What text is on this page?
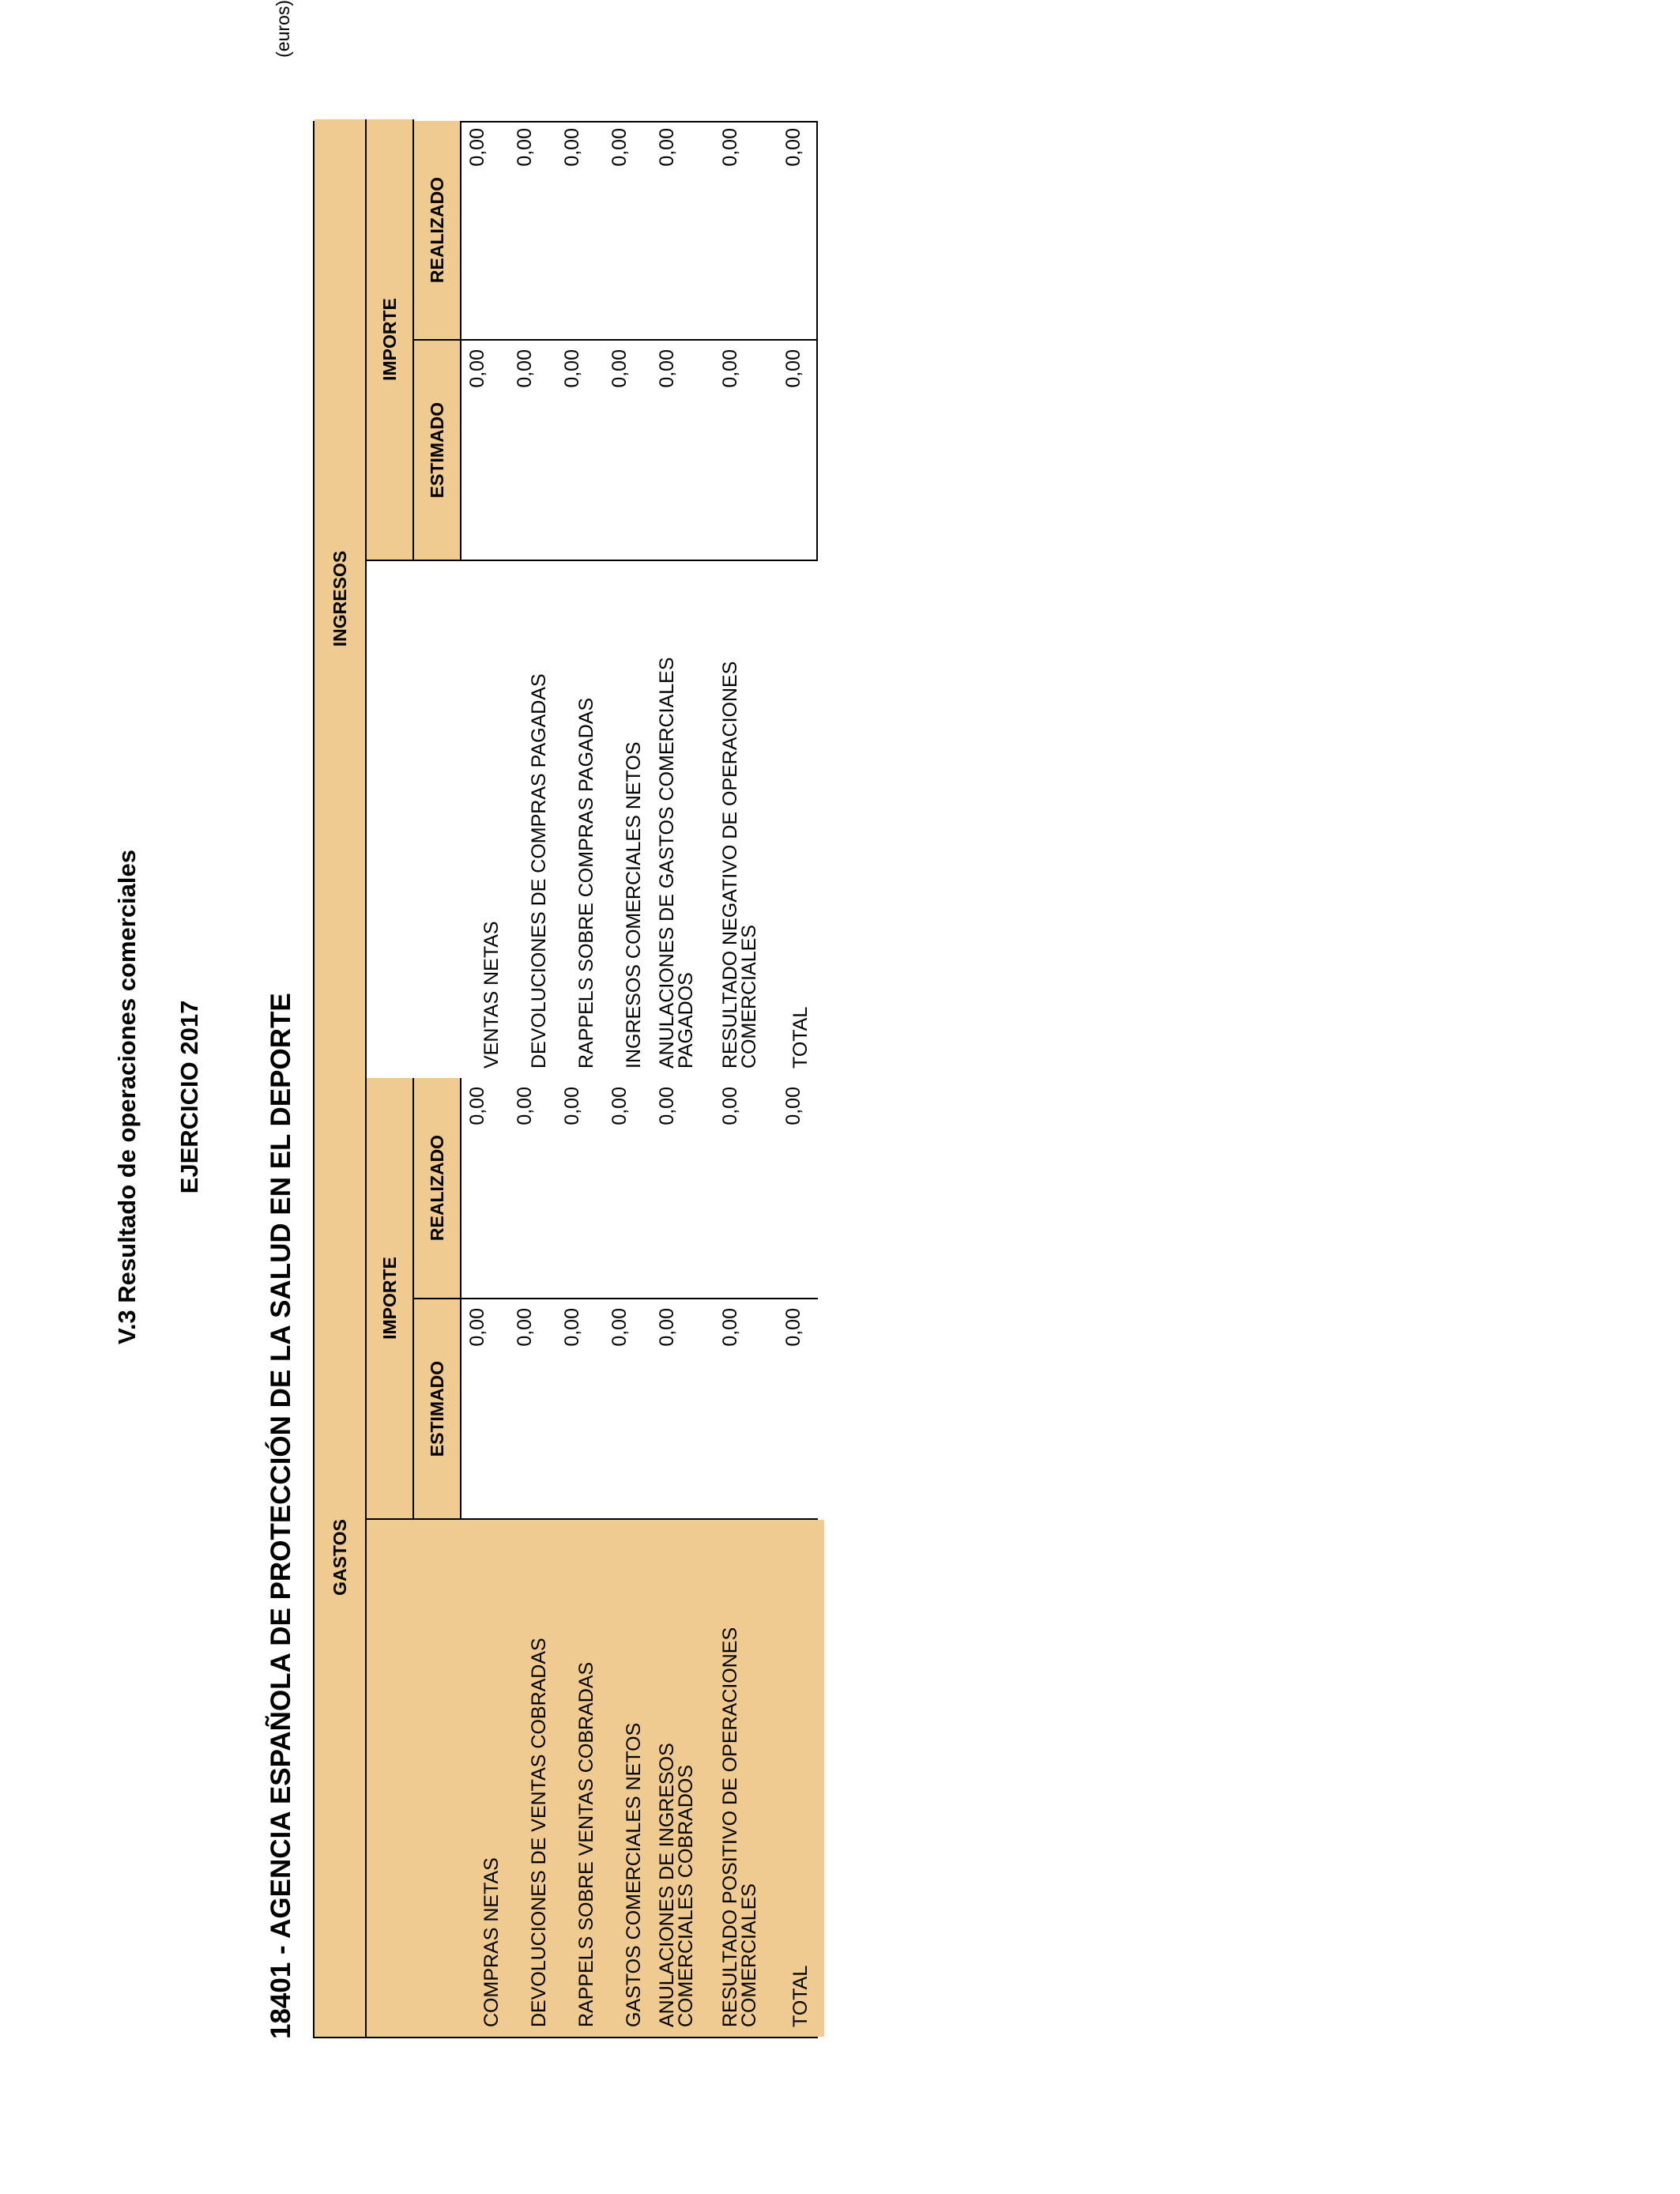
V.3 Resultado de operaciones comerciales EJERCICIO 2017 18401 - AGENCIA ESPAÑOLA DE PROTECCIÓN DE LA SALUD EN EL DEPORTE
(euros)
GASTOS
IMPORTE
ESTIMADO
REALIZADO
INGRESOS
IMPORTE
ESTIMADO
REALIZADO
COMPRAS NETAS
0,00
0,00
DEVOLUCIONES DE VENTAS COBRADAS
0,00
0,00
RAPPELS SOBRE VENTAS COBRADAS
0,00
0,00
GASTOS COMERCIALES NETOS
0,00
0,00
ANULACIONES DE INGRESOS COMERCIALES COBRADOS
0,00
0,00
RESULTADO POSITIVO DE OPERACIONES COMERCIALES
0,00
0,00
TOTAL
0,00
0,00
VENTAS NETAS
0,00
0,00
DEVOLUCIONES DE COMPRAS PAGADAS
0,00
0,00
RAPPELS SOBRE COMPRAS PAGADAS
0,00
0,00
INGRESOS COMERCIALES NETOS
0,00
0,00
ANULACIONES DE GASTOS COMERCIALES PAGADOS
0,00
0,00
RESULTADO NEGATIVO DE OPERACIONES COMERCIALES
0,00
0,00
TOTAL
0,00
0,00
